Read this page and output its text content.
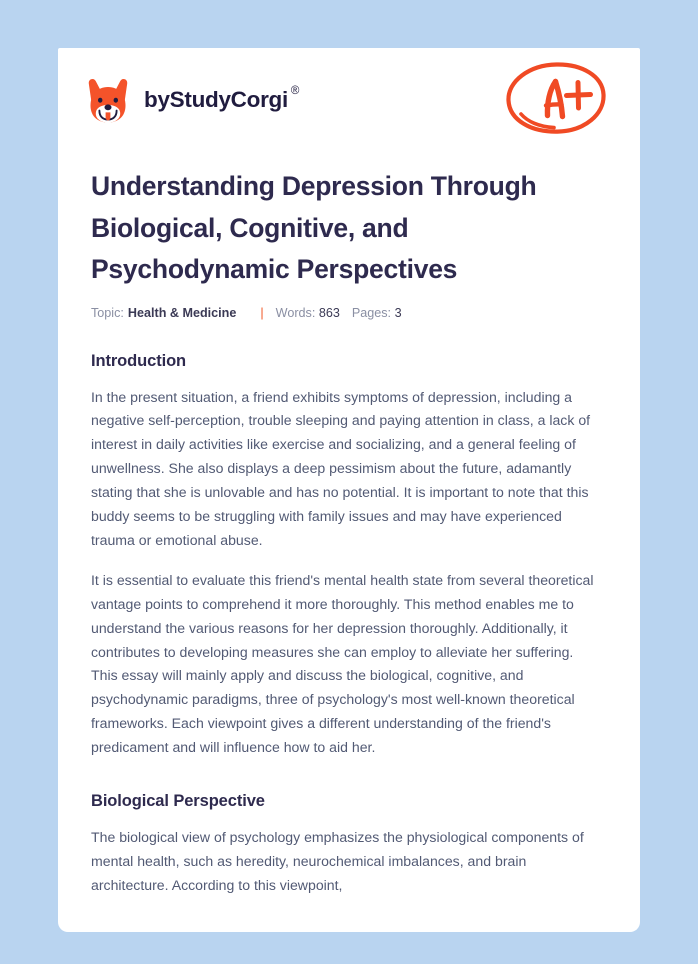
by StudyCorgi ®
Understanding Depression Through Biological, Cognitive, and Psychodynamic Perspectives
Topic: Health & Medicine | Words: 863 Pages: 3
Introduction

In the present situation, a friend exhibits symptoms of depression, including a negative self-perception, trouble sleeping and paying attention in class, a lack of interest in daily activities like exercise and socializing, and a general feeling of unwellness. She also displays a deep pessimism about the future, adamantly stating that she is unlovable and has no potential. It is important to note that this buddy seems to be struggling with family issues and may have experienced trauma or emotional abuse.

It is essential to evaluate this friend's mental health state from several theoretical vantage points to comprehend it more thoroughly. This method enables me to understand the various reasons for her depression thoroughly. Additionally, it contributes to developing measures she can employ to alleviate her suffering. This essay will mainly apply and discuss the biological, cognitive, and psychodynamic paradigms, three of psychology's most well-known theoretical frameworks. Each viewpoint gives a different understanding of the friend's predicament and will influence how to aid her.

Biological Perspective

The biological view of psychology emphasizes the physiological components of mental health, such as heredity, neurochemical imbalances, and brain architecture. According to this viewpoint,
